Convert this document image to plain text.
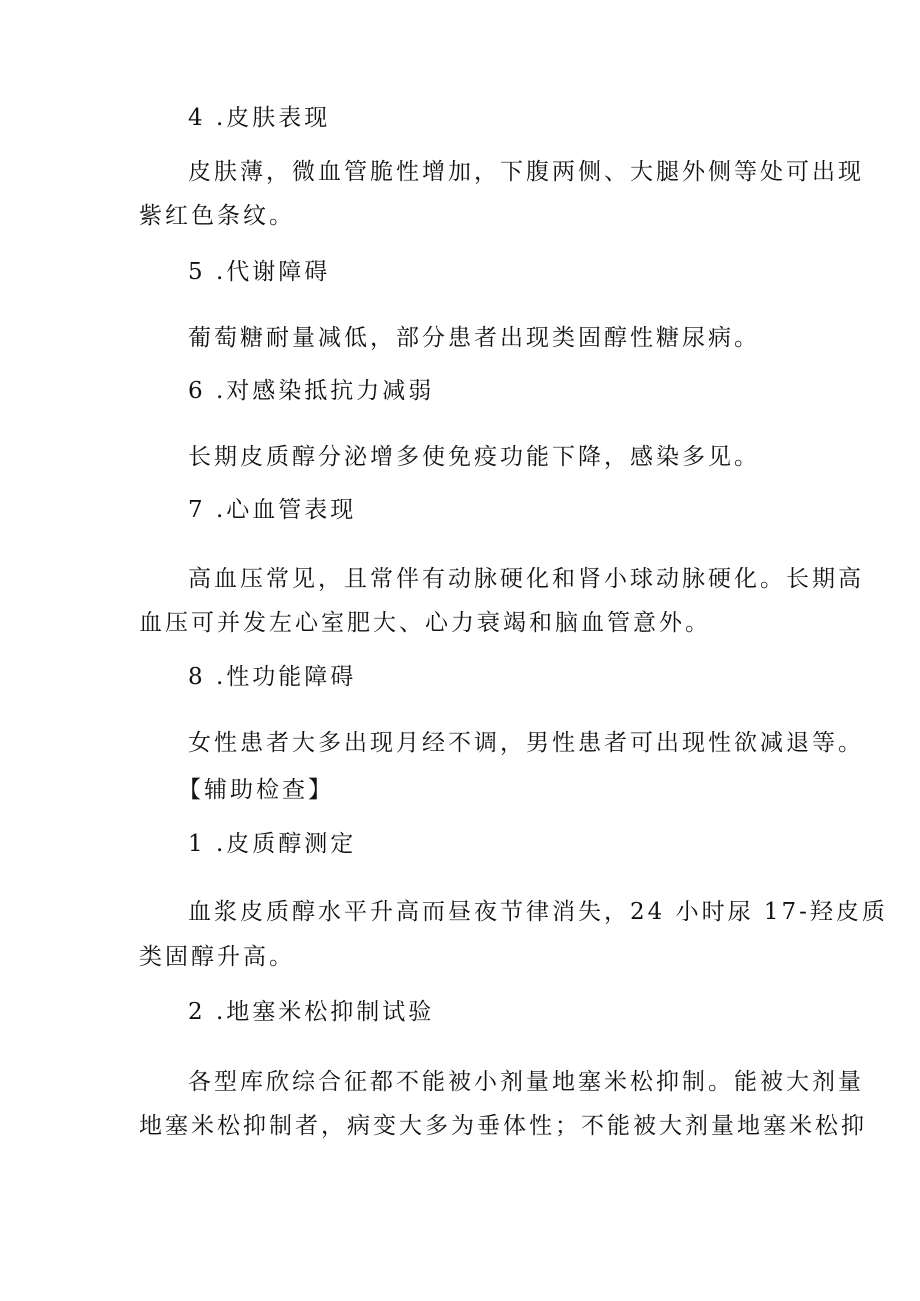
4 .皮肤表现
皮肤薄，微血管脆性增加，下腹两侧、大腿外侧等处可出现
紫红色条纹。
5 .代谢障碍
葡萄糖耐量减低，部分患者出现类固醇性糖尿病。
6 .对感染抵抗力减弱
长期皮质醇分泌增多使免疫功能下降，感染多见。
7 .心血管表现
高血压常见，且常伴有动脉硬化和肾小球动脉硬化。长期高
血压可并发左心室肥大、心力衰竭和脑血管意外。
8 .性功能障碍
女性患者大多出现月经不调，男性患者可出现性欲减退等。
【辅助检查】
1 .皮质醇测定
血浆皮质醇水平升高而昼夜节律消失，24 小时尿 17-羟皮质
类固醇升高。
2 .地塞米松抑制试验
各型库欣综合征都不能被小剂量地塞米松抑制。能被大剂量
地塞米松抑制者，病变大多为垂体性；不能被大剂量地塞米松抑
